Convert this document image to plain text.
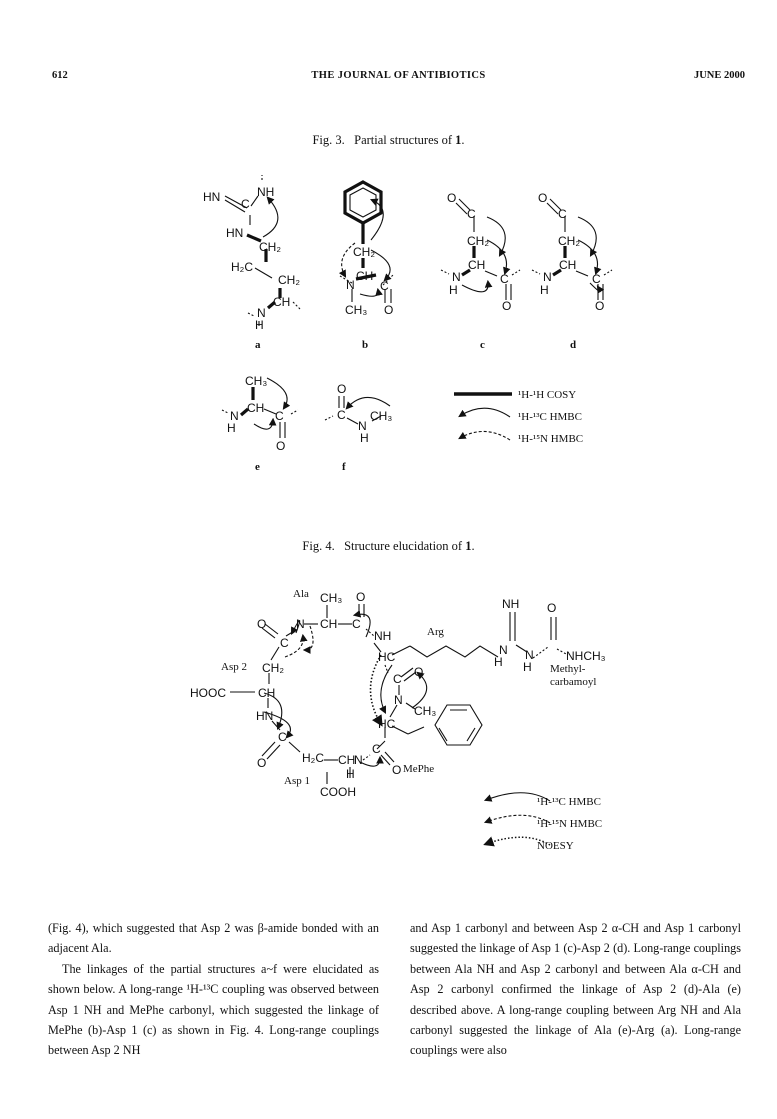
612	THE JOURNAL OF ANTIBIOTICS	JUNE 2000
Fig. 3. Partial structures of 1.
HN C
NH
HN
CH₂
H₂C
CH₂
CH
N
H
CH₂
CH
N C
CH₃ O
O
C
CH₂
CH
N
H
C
O
O
C
CH₂
CH
N
H
C
O
CH₃
CH
N
H
C
O
O
C
N
CH₃
H
a	b	c	d
e	f
¹H-¹H COSY
¹H-¹³C HMBC
¹H-¹⁵N HMBC
Fig. 4. Structure elucidation of 1.
Ala CH₃ O
N CH C
NH
O
C
Asp 2 CH₂
HOOC	CH
HN
C
O	H₂C CH
N
H
Asp 1
COOH
C
O MePhe
HC
N
CH₃
C O
HC
Arg
N
H
NH
N
H
O
NHCH₃
Methyl-
carbamoyl
¹H-¹³C HMBC
¹H-¹⁵N HMBC
NOESY

(Fig. 4), which suggested that Asp 2 was β-amide bonded with an adjacent Ala.

The linkages of the partial structures a~f were elucidated as shown below. A long-range ¹H-¹³C coupling was observed between Asp 1 NH and MePhe carbonyl, which suggested the linkage of MePhe (b)-Asp 1 (c) as shown in Fig. 4. Long-range couplings between Asp 2 NH

and Asp 1 carbonyl and between Asp 2 α-CH and Asp 1 carbonyl suggested the linkage of Asp 1 (c)-Asp 2 (d). Long-range couplings between Ala NH and Asp 2 carbonyl and between Ala α-CH and Asp 2 carbonyl confirmed the linkage of Asp 2 (d)-Ala (e) described above. A long-range coupling between Arg NH and Ala carbonyl suggested the linkage of Ala (e)-Arg (a). Long-range couplings were also
